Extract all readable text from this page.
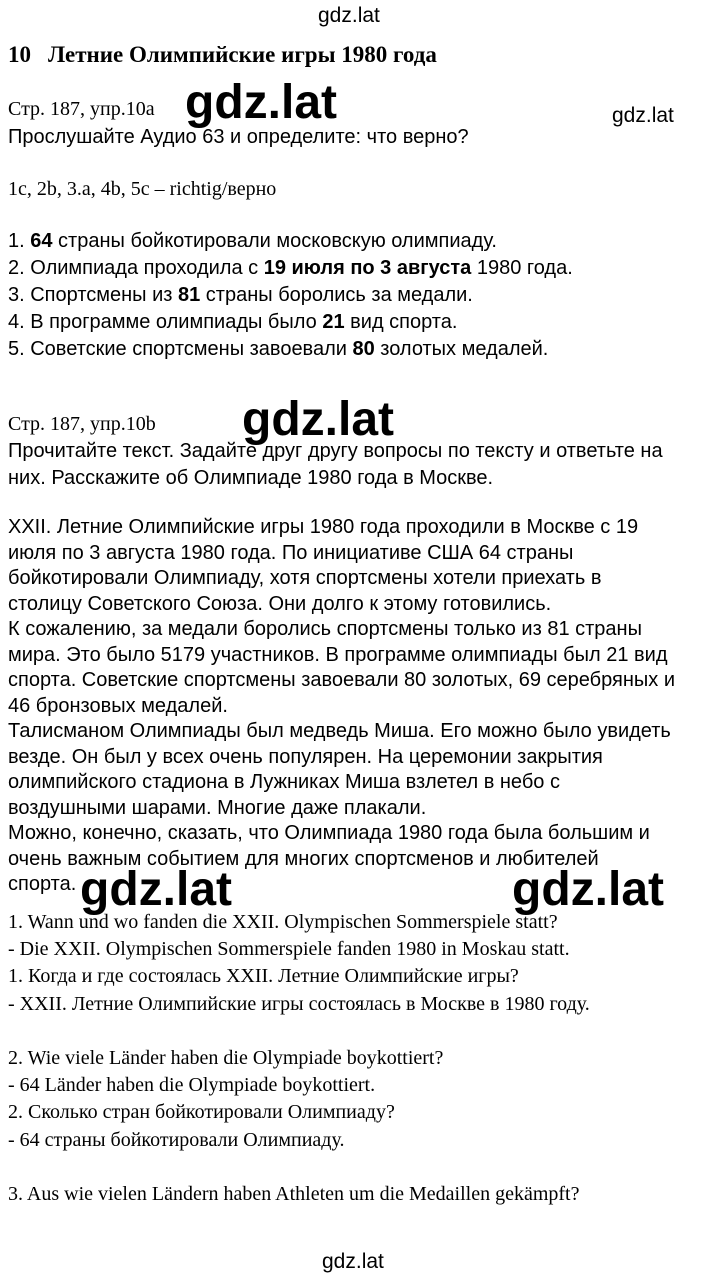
gdz.lat
10 Летние Олимпийские игры 1980 года
Стр. 187, упр.10a gdz.lat	gdz.lat
Прослушайте Аудио 63 и определите: что верно?
1c, 2b, 3.a, 4b, 5c – richtig/верно
1. 64 страны бойкотировали московскую олимпиаду.
2. Олимпиада проходила с 19 июля по 3 августа 1980 года.
3. Спортсмены из 81 страны боролись за медали.
4. В программе олимпиады было 21 вид спорта.
5. Советские спортсмены завоевали 80 золотых медалей.
Стр. 187, упр.10b gdz.lat
Прочитайте текст. Задайте друг другу вопросы по тексту и ответьте на
них. Расскажите об Олимпиаде 1980 года в Москве.
XXII. Летние Олимпийские игры 1980 года проходили в Москве с 19
июля по 3 августа 1980 года. По инициативе США 64 страны
бойкотировали Олимпиаду, хотя спортсмены хотели приехать в
столицу Советского Союза. Они долго к этому готовились.
К сожалению, за медали боролись спортсмены только из 81 страны
мира. Это было 5179 участников. В программе олимпиады был 21 вид
спорта. Советские спортсмены завоевали 80 золотых, 69 серебряных и
46 бронзовых медалей.
Талисманом Олимпиады был медведь Миша. Его можно было увидеть
везде. Он был у всех очень популярен. На церемонии закрытия
олимпийского стадиона в Лужниках Миша взлетел в небо с
воздушными шарами. Многие даже плакали.
Можно, конечно, сказать, что Олимпиада 1980 года была большим и
очень важным событием для многих спортсменов и любителей
спорта. gdz.lat	gdz.lat
1. Wann und wo fanden die XXII. Olympischen Sommerspiele statt?
- Die XXII. Olympischen Sommerspiele fanden 1980 in Moskau statt.
1. Когда и где состоялась XXII. Летние Олимпийские игры?
- XXII. Летние Олимпийские игры состоялась в Москве в 1980 году.
2. Wie viele Länder haben die Olympiade boykottiert?
- 64 Länder haben die Olympiade boykottiert.
2. Сколько стран бойкотировали Олимпиаду?
- 64 страны бойкотировали Олимпиаду.
3. Aus wie vielen Ländern haben Athleten um die Medaillen gekämpft?
gdz.lat
